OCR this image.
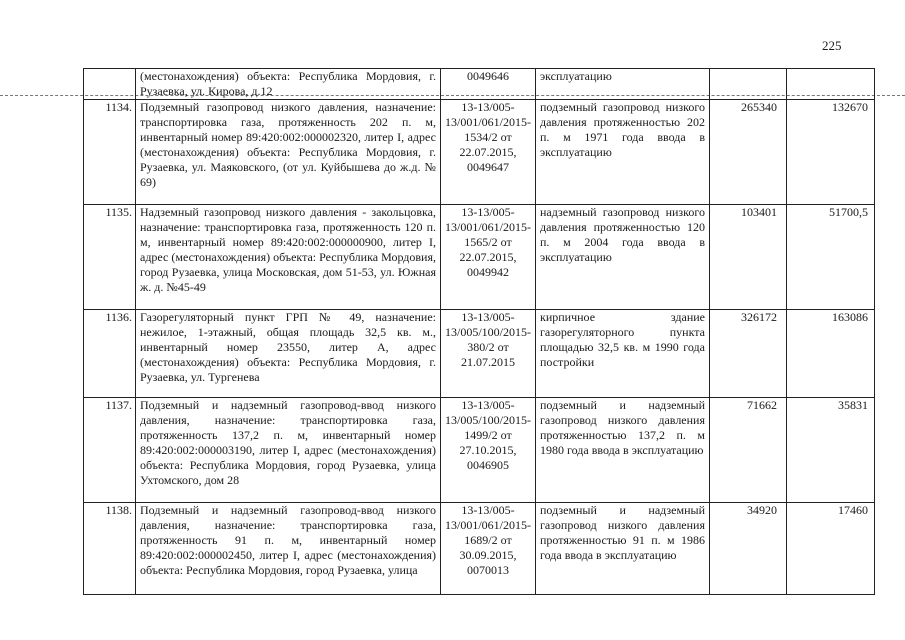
225
	(местонахождения) объекта: Республика Мордовия, г. Рузаевка, ул. Кирова, д.12	0049646	эксплуатацию		
1134.	Подземный газопровод низкого давления, назначение: транспортировка газа, протяженность 202 п. м, инвентарный номер 89:420:002:000002320, литер I, адрес (местонахождения) объекта: Республика Мордовия, г. Рузаевка, ул. Маяковского, (от ул. Куйбышева до ж.д. № 69)	13-13/005-13/001/061/2015-1534/2 от 22.07.2015, 0049647	подземный газопровод низкого давления протяженностью 202 п. м 1971 года ввода в эксплуатацию	265340	132670
1135.	Надземный газопровод низкого давления - закольцовка, назначение: транспортировка газа, протяженность 120 п. м, инвентарный номер 89:420:002:000000900, литер I, адрес (местонахождения) объекта: Республика Мордовия, город Рузаевка, улица Московская, дом 51-53, ул. Южная ж. д. №45-49	13-13/005-13/001/061/2015-1565/2 от 22.07.2015, 0049942	надземный газопровод низкого давления протяженностью 120 п. м 2004 года ввода в эксплуатацию	103401	51700,5
1136.	Газорегуляторный пункт ГРП № 49, назначение: нежилое, 1-этажный, общая площадь 32,5 кв. м., инвентарный номер 23550, литер А, адрес (местонахождения) объекта: Республика Мордовия, г. Рузаевка, ул. Тургенева	13-13/005-13/005/100/2015-380/2 от 21.07.2015	кирпичное здание газорегуляторного пункта площадью 32,5 кв. м 1990 года постройки	326172	163086
1137.	Подземный и надземный газопровод-ввод низкого давления, назначение: транспортировка газа, протяженность 137,2 п. м, инвентарный номер 89:420:002:000003190, литер I, адрес (местонахождения) объекта: Республика Мордовия, город Рузаевка, улица Ухтомского, дом 28	13-13/005-13/005/100/2015-1499/2 от 27.10.2015, 0046905	подземный и надземный газопровод низкого давления протяженностью 137,2 п. м 1980 года ввода в эксплуатацию	71662	35831
1138.	Подземный и надземный газопровод-ввод низкого давления, назначение: транспортировка газа, протяженность 91 п. м, инвентарный номер 89:420:002:000002450, литер I, адрес (местонахождения) объекта: Республика Мордовия, город Рузаевка, улица	13-13/005-13/001/061/2015-1689/2 от 30.09.2015, 0070013	подземный и надземный газопровод низкого давления протяженностью 91 п. м 1986 года ввода в эксплуатацию	34920	17460
